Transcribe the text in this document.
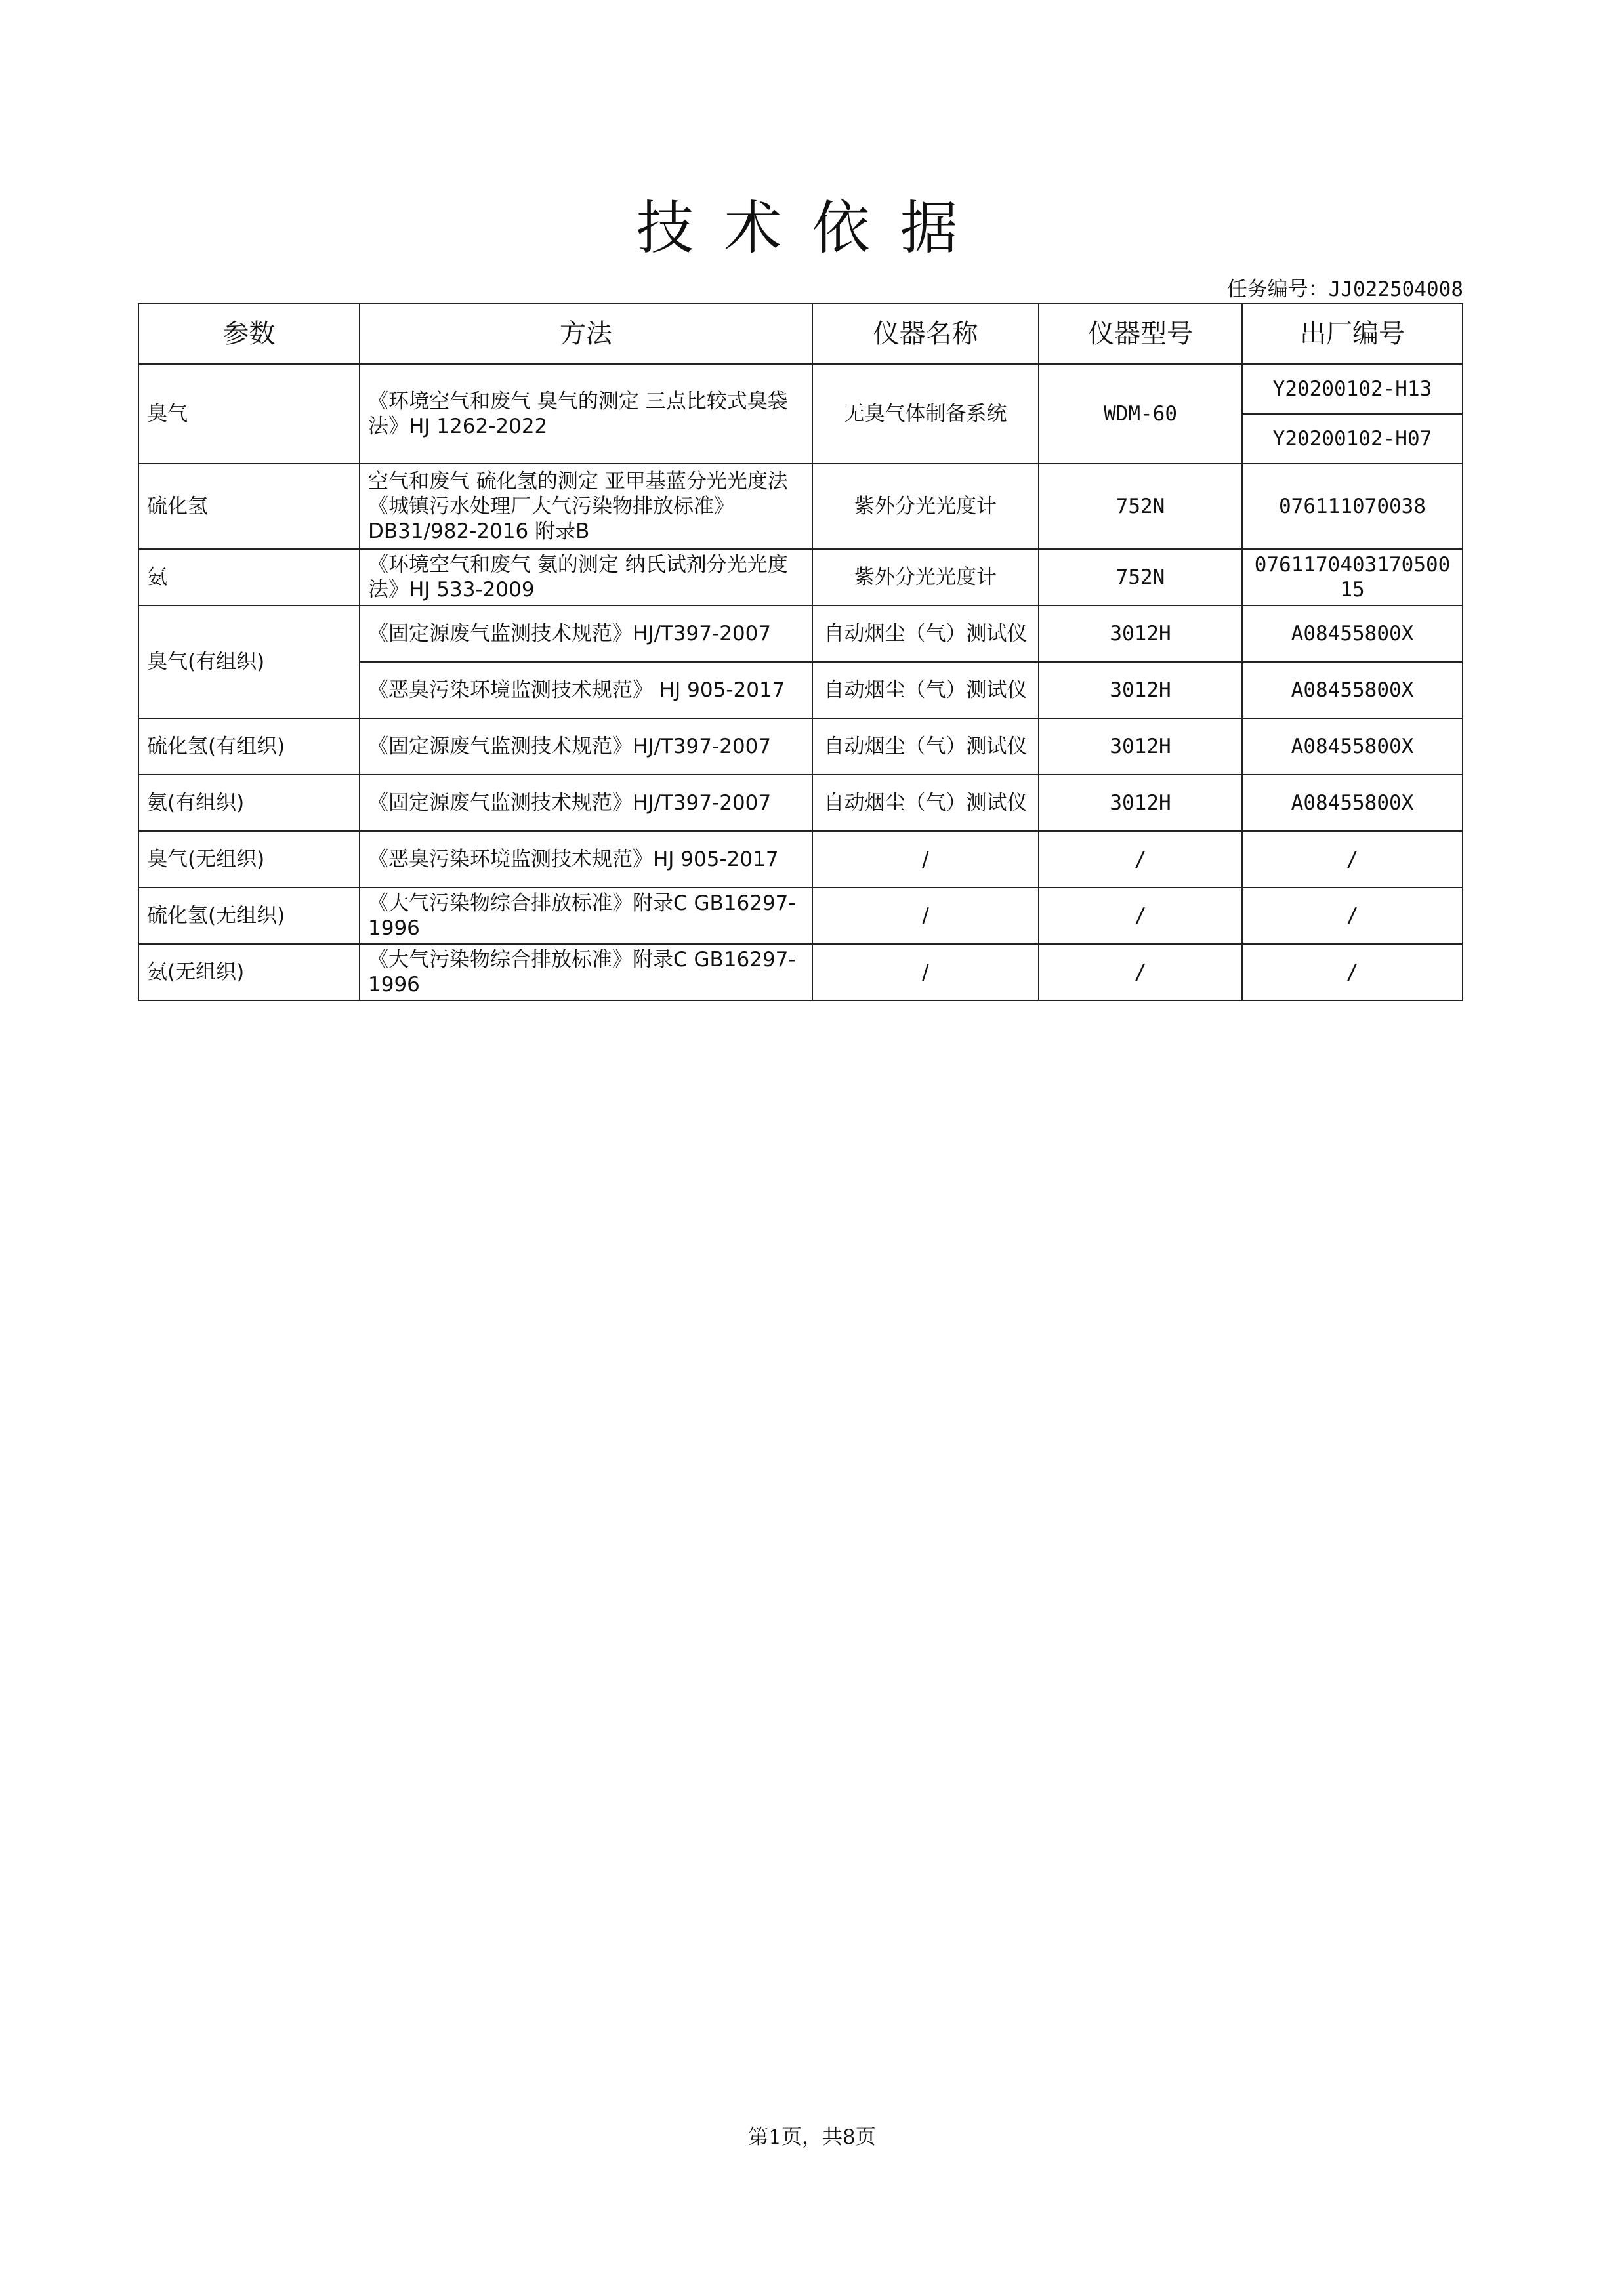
技术依据
任务编号：JJ022504008
参数	方法	仪器名称	仪器型号	出厂编号
臭气	《环境空气和废气 臭气的测定 三点比较式臭袋法》HJ 1262-2022	无臭气体制备系统	WDM-60	Y20200102-H13
				Y20200102-H07
硫化氢	空气和废气 硫化氢的测定 亚甲基蓝分光光度法《城镇污水处理厂大气污染物排放标准》 DB31/982-2016 附录B	紫外分光光度计	752N	076111070038
氨	《环境空气和废气 氨的测定 纳氏试剂分光光度法》HJ 533-2009	紫外分光光度计	752N	076117040317050015
臭气(有组织)	《固定源废气监测技术规范》HJ/T397-2007	自动烟尘（气）测试仪	3012H	A08455800X
	《恶臭污染环境监测技术规范》 HJ 905-2017	自动烟尘（气）测试仪	3012H	A08455800X
硫化氢(有组织)	《固定源废气监测技术规范》HJ/T397-2007	自动烟尘（气）测试仪	3012H	A08455800X
氨(有组织)	《固定源废气监测技术规范》HJ/T397-2007	自动烟尘（气）测试仪	3012H	A08455800X
臭气(无组织)	《恶臭污染环境监测技术规范》HJ 905-2017	/	/	/
硫化氢(无组织)	《大气污染物综合排放标准》附录C GB16297-1996	/	/	/
氨(无组织)	《大气污染物综合排放标准》附录C GB16297-1996	/	/	/
第1页，共8页
